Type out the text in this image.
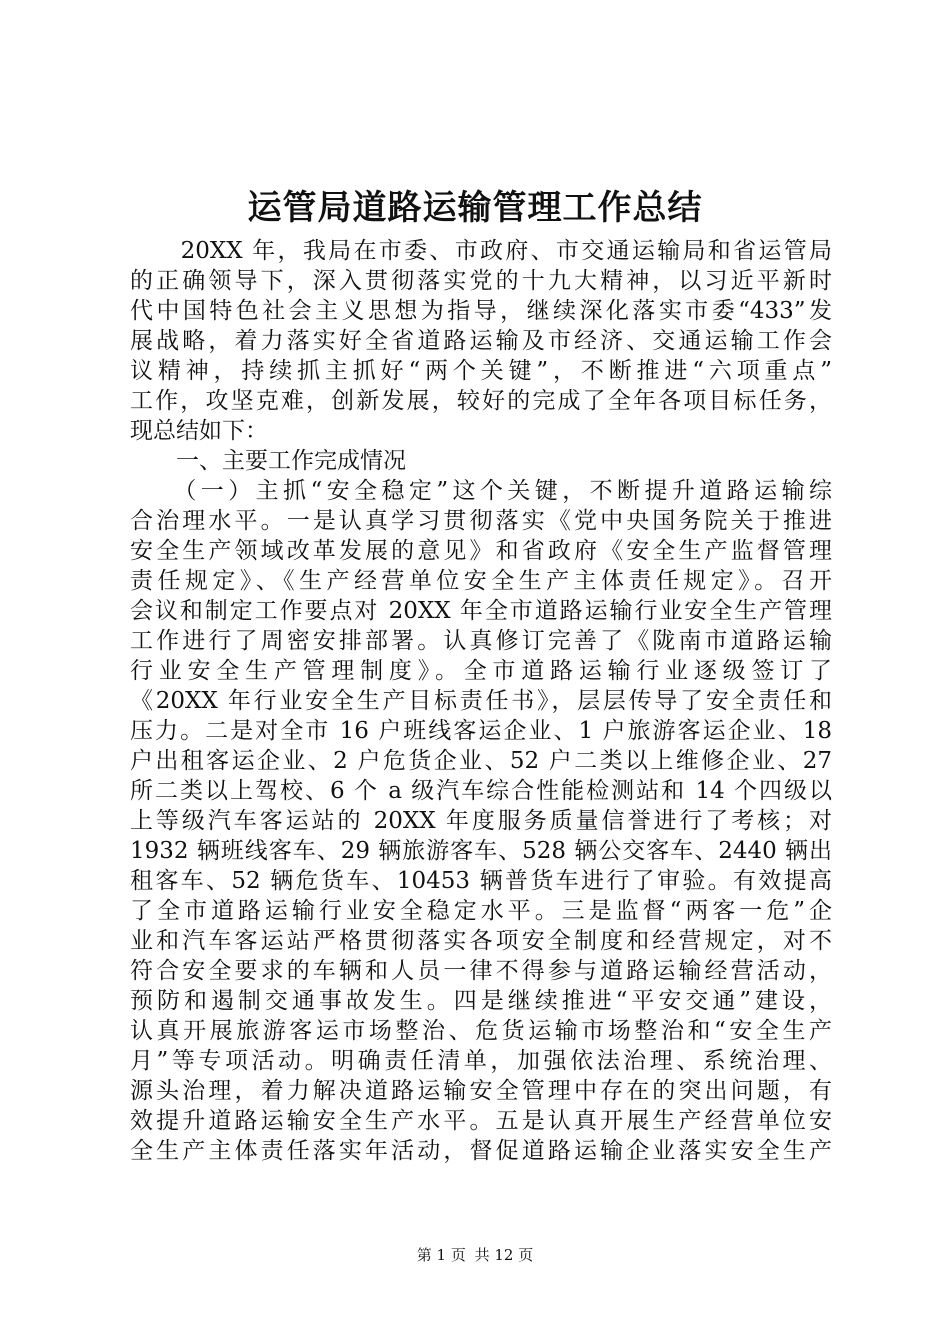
运管局道路运输管理工作总结
　　20XX 年，我局在市委、市政府、市交通运输局和省运管局
的正确领导下，深入贯彻落实党的十九大精神，以习近平新时
代中国特色社会主义思想为指导，继续深化落实市委“433”发
展战略，着力落实好全省道路运输及市经济、交通运输工作会
议精神，持续抓主抓好“两个关键”，不断推进“六项重点”
工作，攻坚克难，创新发展，较好的完成了全年各项目标任务，
现总结如下：
　　一、主要工作完成情况
　　（一）主抓“安全稳定”这个关键，不断提升道路运输综
合治理水平。一是认真学习贯彻落实《党中央国务院关于推进
安全生产领域改革发展的意见》和省政府《安全生产监督管理
责任规定》、《生产经营单位安全生产主体责任规定》。召开
会议和制定工作要点对 20XX 年全市道路运输行业安全生产管理
工作进行了周密安排部署。认真修订完善了《陇南市道路运输
行业安全生产管理制度》。全市道路运输行业逐级签订了
《20XX 年行业安全生产目标责任书》，层层传导了安全责任和
压力。二是对全市 16 户班线客运企业、1 户旅游客运企业、18
户出租客运企业、2 户危货企业、52 户二类以上维修企业、27
所二类以上驾校、6 个 a 级汽车综合性能检测站和 14 个四级以
上等级汽车客运站的 20XX 年度服务质量信誉进行了考核；对
1932 辆班线客车、29 辆旅游客车、528 辆公交客车、2440 辆出
租客车、52 辆危货车、10453 辆普货车进行了审验。有效提高
了全市道路运输行业安全稳定水平。三是监督“两客一危”企
业和汽车客运站严格贯彻落实各项安全制度和经营规定，对不
符合安全要求的车辆和人员一律不得参与道路运输经营活动，
预防和遏制交通事故发生。四是继续推进“平安交通”建设，
认真开展旅游客运市场整治、危货运输市场整治和“安全生产
月”等专项活动。明确责任清单，加强依法治理、系统治理、
源头治理，着力解决道路运输安全管理中存在的突出问题，有
效提升道路运输安全生产水平。五是认真开展生产经营单位安
全生产主体责任落实年活动，督促道路运输企业落实安全生产
第 1 页 共 12 页
